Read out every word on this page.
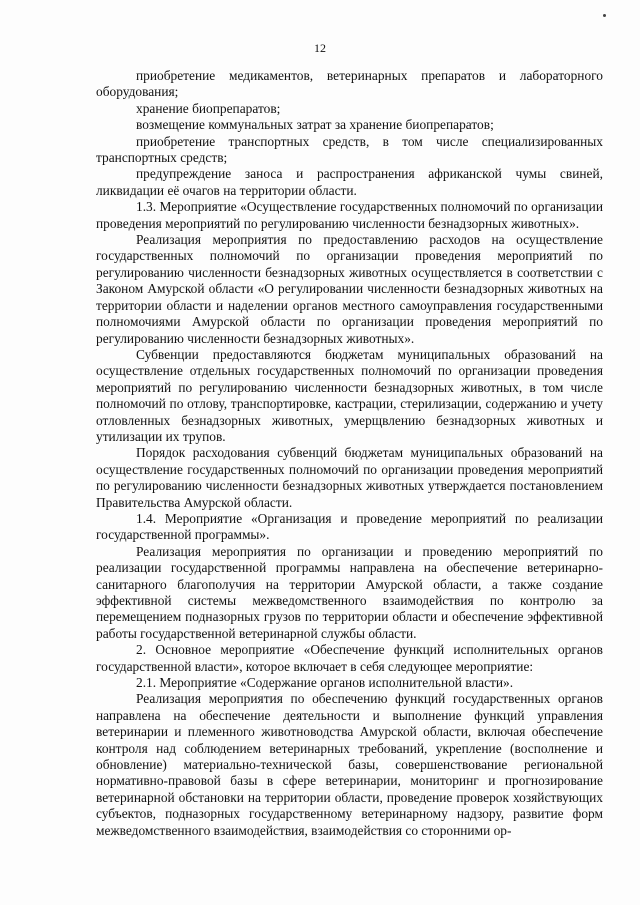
12

приобретение медикаментов, ветеринарных препаратов и лабораторного оборудования;

хранение биопрепаратов;

возмещение коммунальных затрат за хранение биопрепаратов;

приобретение транспортных средств, в том числе специализированных транспортных средств;

предупреждение заноса и распространения африканской чумы свиней, ликвидации её очагов на территории области.

1.3. Мероприятие «Осуществление государственных полномочий по организации проведения мероприятий по регулированию численности безнадзорных животных».

Реализация мероприятия по предоставлению расходов на осуществление государственных полномочий по организации проведения мероприятий по регулированию численности безнадзорных животных осуществляется в соответствии с Законом Амурской области «О регулировании численности безнадзорных животных на территории области и наделении органов местного самоуправления государственными полномочиями Амурской области по организации проведения мероприятий по регулированию численности безнадзорных животных».

Субвенции предоставляются бюджетам муниципальных образований на осуществление отдельных государственных полномочий по организации проведения мероприятий по регулированию численности безнадзорных животных, в том числе полномочий по отлову, транспортировке, кастрации, стерилизации, содержанию и учету отловленных безнадзорных животных, умерщвлению безнадзорных животных и утилизации их трупов.

Порядок расходования субвенций бюджетам муниципальных образований на осуществление государственных полномочий по организации проведения мероприятий по регулированию численности безнадзорных животных утверждается постановлением Правительства Амурской области.

1.4. Мероприятие «Организация и проведение мероприятий по реализации государственной программы».

Реализация мероприятия по организации и проведению мероприятий по реализации государственной программы направлена на обеспечение ветеринарно-санитарного благополучия на территории Амурской области, а также создание эффективной системы межведомственного взаимодействия по контролю за перемещением подназорных грузов по территории области и обеспечение эффективной работы государственной ветеринарной службы области.

2. Основное мероприятие «Обеспечение функций исполнительных органов государственной власти», которое включает в себя следующее мероприятие:

2.1. Мероприятие «Содержание органов исполнительной власти».

Реализация мероприятия по обеспечению функций государственных органов направлена на обеспечение деятельности и выполнение функций управления ветеринарии и племенного животноводства Амурской области, включая обеспечение контроля над соблюдением ветеринарных требований, укрепление (восполнение и обновление) материально-технической базы, совершенствование региональной нормативно-правовой базы в сфере ветеринарии, мониторинг и прогнозирование ветеринарной обстановки на территории области, проведение проверок хозяйствующих субъектов, подназорных государственному ветеринарному надзору, развитие форм межведомственного взаимодействия, взаимодействия со сторонними ор-
